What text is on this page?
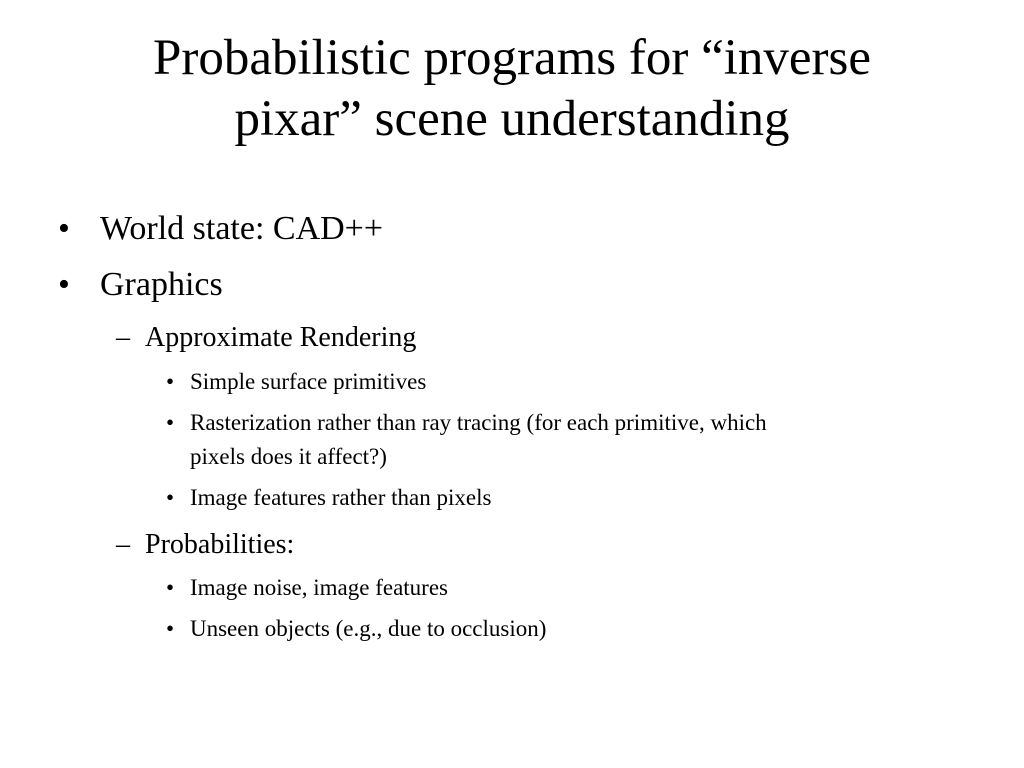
Probabilistic programs for “inverse
pixar” scene understanding
• World state: CAD++
• Graphics
– Approximate Rendering
• Simple surface primitives
• Rasterization rather than ray tracing (for each primitive, which
pixels does it affect?)
• Image features rather than pixels
– Probabilities:
• Image noise, image features
• Unseen objects (e.g., due to occlusion)
